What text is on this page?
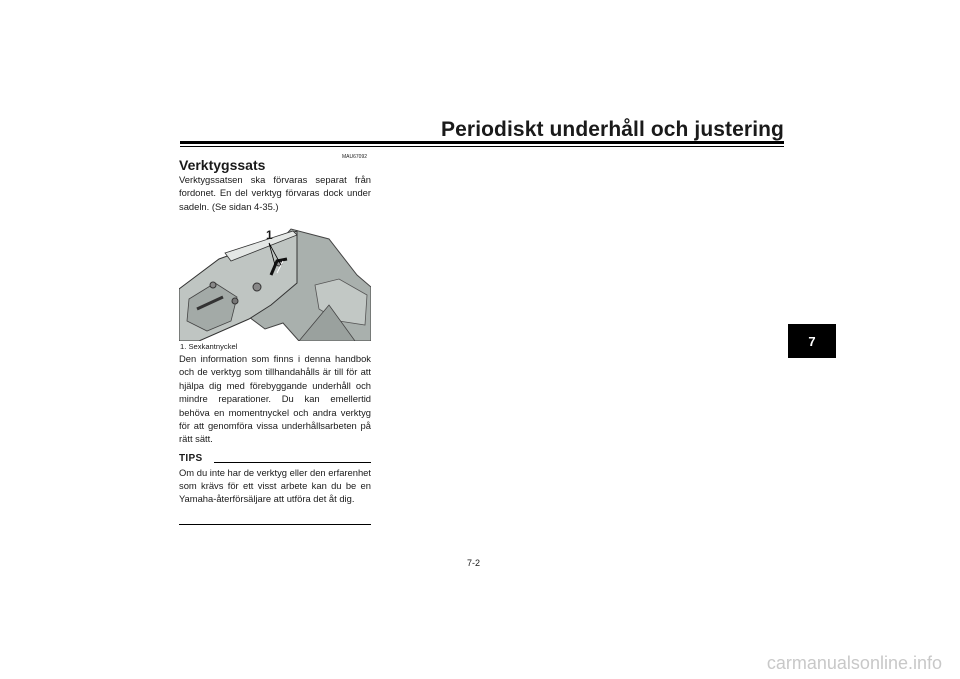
Periodiskt underhåll och justering
7
MAU67092
Verktygssats
Verktygssatsen ska förvaras separat från fordonet. En del verktyg förvaras dock under sadeln. (Se sidan 4-35.)
1
1. Sexkantnyckel
Den information som finns i denna handbok och de verktyg som tillhandahålls är till för att hjälpa dig med förebyggande underhåll och mindre reparationer. Du kan emellertid behöva en momentnyckel och andra verktyg för att genomföra vissa underhållsarbeten på rätt sätt.
TIPS
Om du inte har de verktyg eller den erfarenhet som krävs för ett visst arbete kan du be en Yamaha-återförsäljare att utföra det åt dig.
7-2
carmanualsonline.info
